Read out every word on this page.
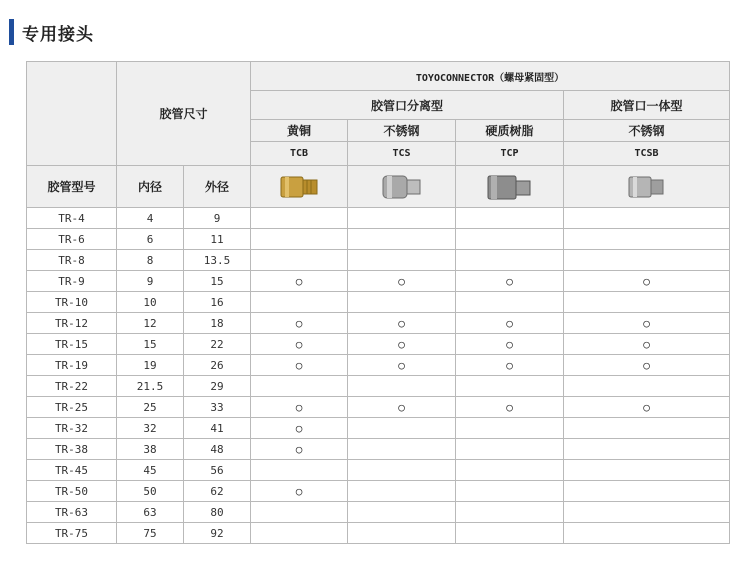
专用接头
	胶管尺寸		TOYOCONNECTOR（螺母紧固型）			
			胶管口分离型			胶管口一体型
			黄铜	不锈钢	硬质树脂	不锈钢
			TCB	TCS	TCP	TCSB
胶管型号	内径	外径	

TR-4	4	9				
TR-6	6	11				
TR-8	8	13.5				
TR-9	9	15	○	○	○	○
TR-10	10	16				
TR-12	12	18	○	○	○	○
TR-15	15	22	○	○	○	○
TR-19	19	26	○	○	○	○
TR-22	21.5	29				
TR-25	25	33	○	○	○	○
TR-32	32	41	○			
TR-38	38	48	○			
TR-45	45	56				
TR-50	50	62	○			
TR-63	63	80				
TR-75	75	92				
